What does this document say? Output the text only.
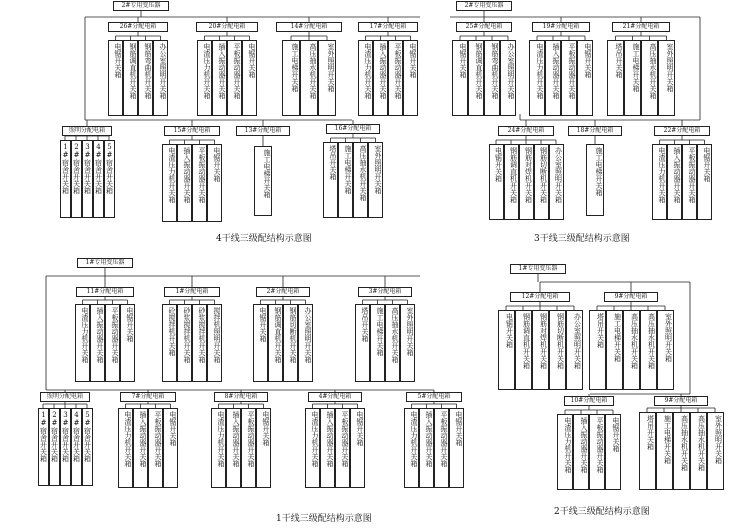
2#专用变压器
26#分配电箱
电锯开关箱	钢筋调直机开关箱	钢筋弯曲机开关箱	办公室照明开关箱
20#分配电箱
电渣压力机开关箱	插入振动器开关箱	平板振动器开关箱	电锯开关箱
14#分配电箱
施工电梯开关箱	高压抽水机开关箱	室外照明开关箱
17#分配电箱
电渣压力机开关箱	插入振动器开关箱	平板振动器开关箱	电锯开关箱
照明分配电箱
1#宿舍开关箱 2#宿舍开关箱 3#宿舍开关箱 4#宿舍开关箱 5#宿舍开关箱
15#分配电箱
电渣压力机开关箱	插入振动器开关箱	平板振动器开关箱	电锯开关箱
13#分配电箱
施工电梯开关箱
16#分配电箱
塔吊开关箱	施工电梯开关箱	高压抽水机开关箱	室外照明开关箱
4干线三级配结构示意图
2#专用变压器
25#分配电箱
电锯开关箱	钢筋调直机开关箱	钢筋弯曲机开关箱	办公室照明开关箱
19#分配电箱
电渣压力机开关箱	插入振动器开关箱	平板振动器开关箱	电锯开关箱
21#分配电箱
塔吊开关箱	施工电梯开关箱	高压抽水机开关箱	室外照明开关箱
24#分配电箱
电锯开关箱	钢筋调直机开关箱	钢筋对焊机开关箱	钢筋切断机开关箱	办公室照明开关箱
18#分配电箱
施工电梯开关箱
22#分配电箱
电渣压力机开关箱	插入振动器开关箱	平板振动器开关箱	电锯开关箱
3干线三级配结构示意图
1#专用变压器
11#分配电箱
电渣压力机开关箱	插入振动器开关箱	平板振动器开关箱	电锯开关箱
1#分配电箱
砼搅拌机开关箱	砂浆搅拌机开关箱	砂浆搅拌机开关箱	搅拌机照明开关箱
2#分配电箱
电锯开关箱	钢筋调直机开关箱	钢筋切断机开关箱	办公室照明开关箱
3#分配电箱
塔吊开关箱	施工电梯开关箱	高压抽水机开关箱	室外照明开关箱
照明分配电箱
1#宿舍开关箱 2#宿舍开关箱 3#宿舍开关箱 4#宿舍开关箱 5#宿舍开关箱
7#分配电箱
电渣压力机开关箱	插入振动器开关箱	平板振动器开关箱	电锯开关箱
8#分配电箱
电渣压力机开关箱	插入振动器开关箱	平板振动器开关箱	电锯开关箱
4#分配电箱
电渣压力机开关箱	插入振动器开关箱	平板振动器开关箱	电锯开关箱
5#分配电箱
电渣压力机开关箱	插入振动器开关箱	平板振动器开关箱	电锯开关箱
1干线三级配结构示意图
1#专用变压器
12#分配电箱
电锯开关箱	钢筋调直机开关箱	钢筋对焊机开关箱	钢筋切断机开关箱	办公室照明开关箱
9#分配电箱
塔吊开关箱	施工电梯开关箱	高压抽水机开关箱	高压抽水机开关箱	室外照明开关箱
10#分配电箱
电渣压力机开关箱	插入振动器开关箱	平板振动器开关箱	电锯开关箱
9#分配电箱
塔吊开关箱	施工电梯开关箱	高压抽水机开关箱	高压抽水机开关箱	室外照明开关箱
2干线三级配结构示意图
